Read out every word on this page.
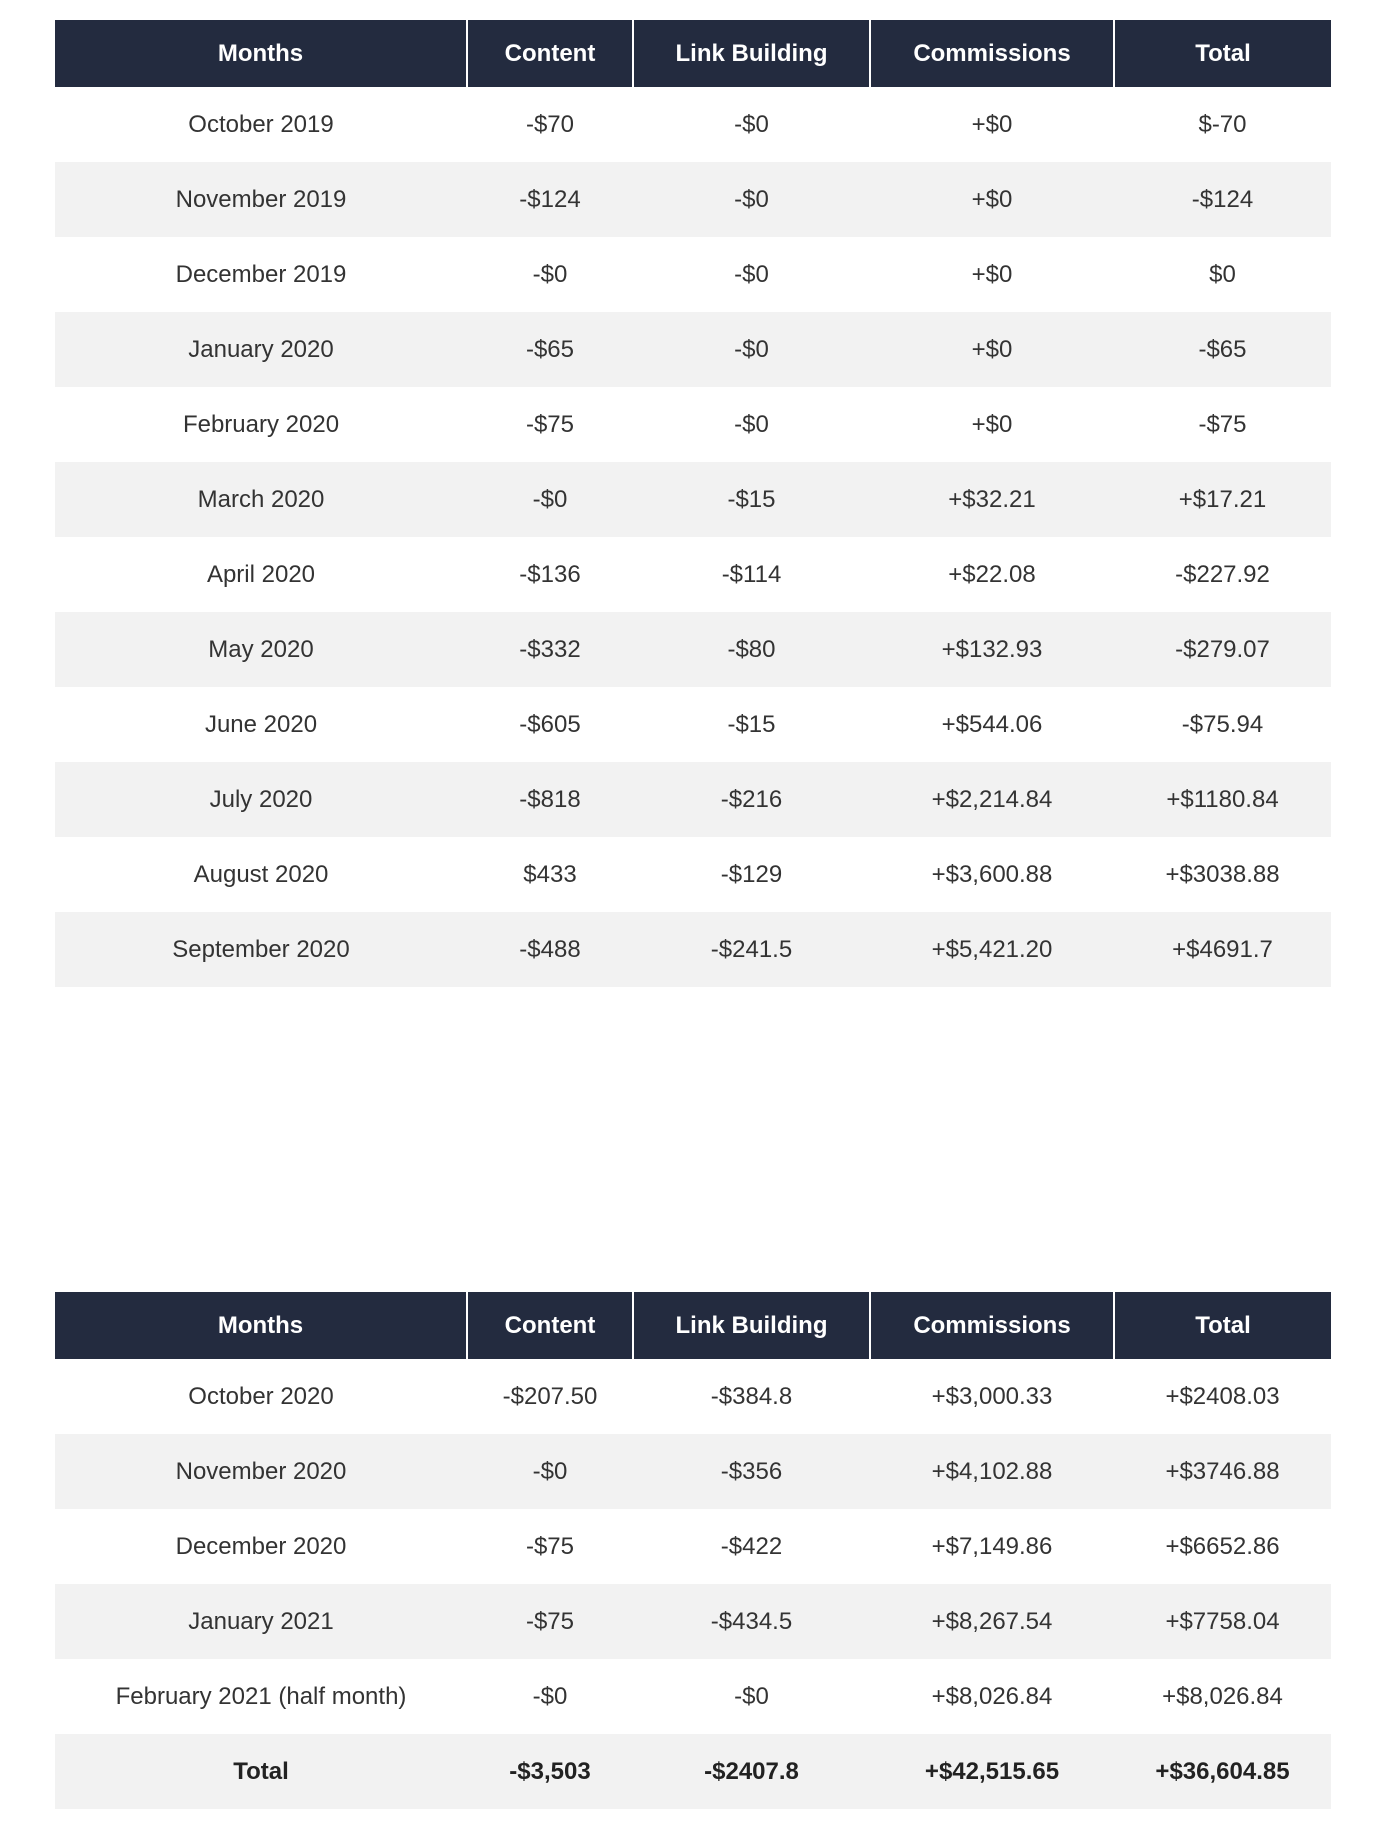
Months	Content	Link Building	Commissions	Total
October 2019	-$70	-$0	+$0	$-70
November 2019	-$124	-$0	+$0	-$124
December 2019	-$0	-$0	+$0	$0
January 2020	-$65	-$0	+$0	-$65
February 2020	-$75	-$0	+$0	-$75
March 2020	-$0	-$15	+$32.21	+$17.21
April 2020	-$136	-$114	+$22.08	-$227.92
May 2020	-$332	-$80	+$132.93	-$279.07
June 2020	-$605	-$15	+$544.06	-$75.94
July 2020	-$818	-$216	+$2,214.84	+$1180.84
August 2020	$433	-$129	+$3,600.88	+$3038.88
September 2020	-$488	-$241.5	+$5,421.20	+$4691.7
Months	Content	Link Building	Commissions	Total
October 2020	-$207.50	-$384.8	+$3,000.33	+$2408.03
November 2020	-$0	-$356	+$4,102.88	+$3746.88
December 2020	-$75	-$422	+$7,149.86	+$6652.86
January 2021	-$75	-$434.5	+$8,267.54	+$7758.04
February 2021 (half month)	-$0	-$0	+$8,026.84	+$8,026.84
Total	-$3,503	-$2407.8	+$42,515.65	+$36,604.85
